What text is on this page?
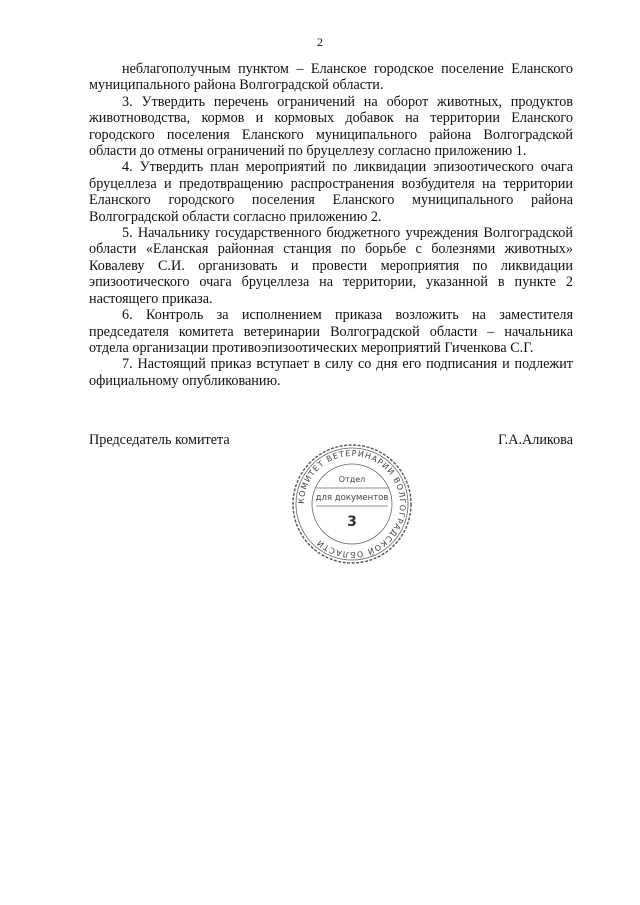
2

неблагополучным пунктом – Еланское городское поселение Еланского муниципального района Волгоградской области.

3. Утвердить перечень ограничений на оборот животных, продуктов животноводства, кормов и кормовых добавок на территории Еланского городского поселения Еланского муниципального района Волгоградской области до отмены ограничений по бруцеллезу согласно приложению 1.

4. Утвердить план мероприятий по ликвидации эпизоотического очага бруцеллеза и предотвращению распространения возбудителя на территории Еланского городского поселения Еланского муниципального района Волгоградской области согласно приложению 2.

5. Начальнику государственного бюджетного учреждения Волгоградской области «Еланская районная станция по борьбе с болезнями животных» Ковалеву С.И. организовать и провести мероприятия по ликвидации эпизоотического очага бруцеллеза на территории, указанной в пункте 2 настоящего приказа.

6. Контроль за исполнением приказа возложить на заместителя председателя комитета ветеринарии Волгоградской области – начальника отдела организации противоэпизоотических мероприятий Гиченкова С.Г.

7. Настоящий приказ вступает в силу со дня его подписания и подлежит официальному опубликованию.

Председатель комитета	Г.А.Аликова
КОМИТЕТ ВЕТЕРИНАРИИ ВОЛГОГРАДСКОЙ ОБЛАСТИ
Отдел
для документов
3
